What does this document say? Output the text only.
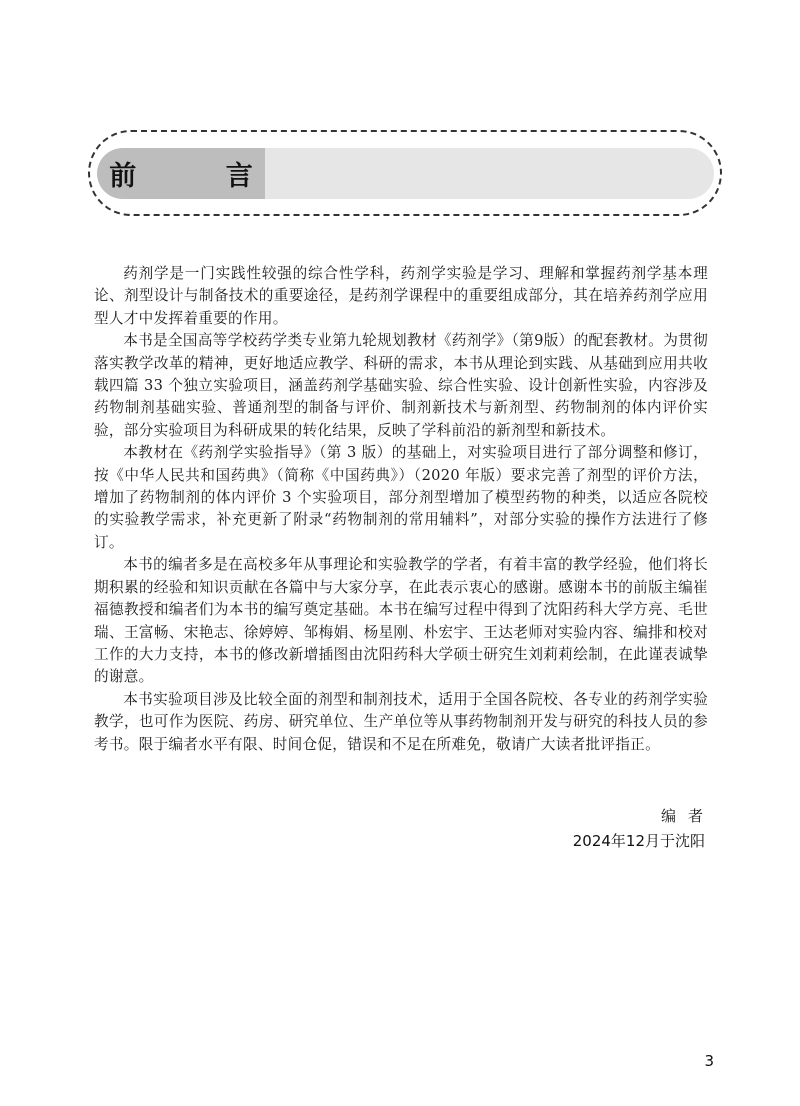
前 言

药剂学是一门实践性较强的综合性学科，药剂学实验是学习、理解和掌握药剂学基本理论、剂型设计与制备技术的重要途径，是药剂学课程中的重要组成部分，其在培养药剂学应用型人才中发挥着重要的作用。

本书是全国高等学校药学类专业第九轮规划教材《药剂学》（第9版）的配套教材。为贯彻落实教学改革的精神，更好地适应教学、科研的需求，本书从理论到实践、从基础到应用共收载四篇 33 个独立实验项目，涵盖药剂学基础实验、综合性实验、设计创新性实验，内容涉及药物制剂基础实验、普通剂型的制备与评价、制剂新技术与新剂型、药物制剂的体内评价实验，部分实验项目为科研成果的转化结果，反映了学科前沿的新剂型和新技术。

本教材在《药剂学实验指导》（第 3 版）的基础上，对实验项目进行了部分调整和修订，按《中华人民共和国药典》（简称《中国药典》）（2020 年版）要求完善了剂型的评价方法，增加了药物制剂的体内评价 3 个实验项目，部分剂型增加了模型药物的种类，以适应各院校的实验教学需求，补充更新了附录“药物制剂的常用辅料”，对部分实验的操作方法进行了修订。

本书的编者多是在高校多年从事理论和实验教学的学者，有着丰富的教学经验，他们将长期积累的经验和知识贡献在各篇中与大家分享，在此表示衷心的感谢。感谢本书的前版主编崔福德教授和编者们为本书的编写奠定基础。本书在编写过程中得到了沈阳药科大学方亮、毛世瑞、王富畅、宋艳志、徐婷婷、邹梅娟、杨星刚、朴宏宇、王达老师对实验内容、编排和校对工作的大力支持，本书的修改新增插图由沈阳药科大学硕士研究生刘莉莉绘制，在此谨表诚挚的谢意。

本书实验项目涉及比较全面的剂型和制剂技术，适用于全国各院校、各专业的药剂学实验教学，也可作为医院、药房、研究单位、生产单位等从事药物制剂开发与研究的科技人员的参考书。限于编者水平有限、时间仓促，错误和不足在所难免，敬请广大读者批评指正。

编者
2024年12月于沈阳
3
